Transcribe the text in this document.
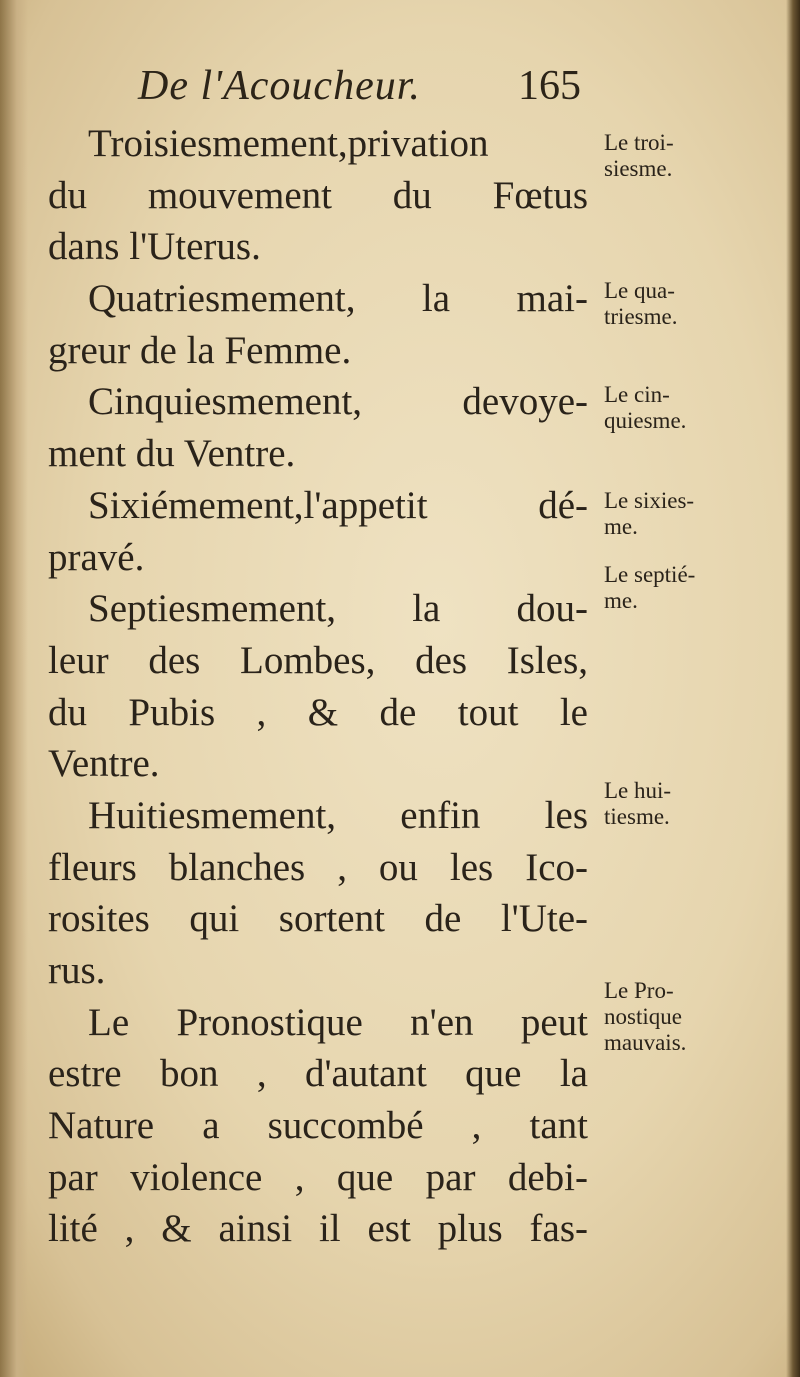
De l'Acoucheur. 165
Troisiesmement,privation
du mouvement du Fœtus
dans l'Uterus.
Quatriesmement, la mai-
greur de la Femme.
Cinquiesmement, devoye-
ment du Ventre.
Sixiémement,l'appetit dé-
pravé.
Septiesmement, la dou-
leur des Lombes, des Isles,
du Pubis , & de tout le
Ventre.
Huitiesmement, enfin les
fleurs blanches , ou les Ico-
rosites qui sortent de l'Ute-
rus.
Le Pronostique n'en peut
estre bon , d'autant que la
Nature a succombé , tant
par violence , que par debi-
lité , & ainsi il est plus fas-
Le troi-
siesme.
Le qua-
triesme.
Le cin-
quiesme.
Le sixies-
me.
Le septié-
me.
Le hui-
tiesme.
Le Pro-
nostique
mauvais.
